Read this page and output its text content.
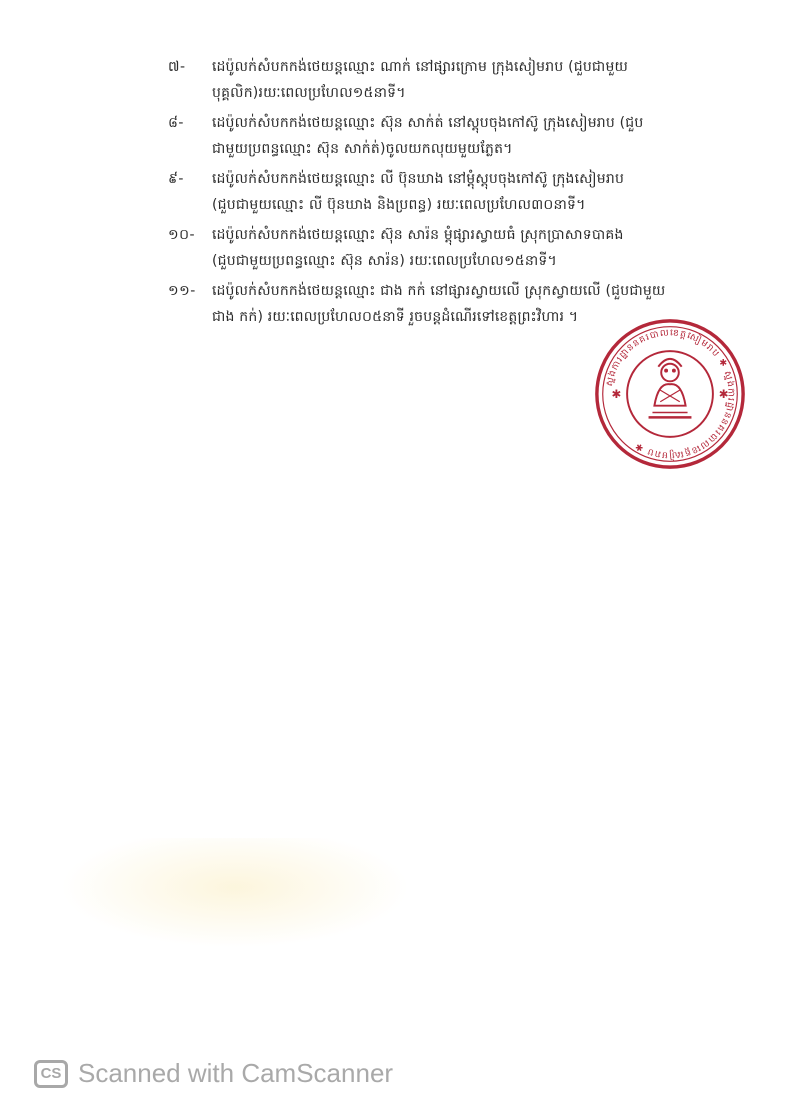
៧-	ដេប៉ូលក់សំបកកង់ថេយន្តឈ្មោះ ណាក់ នៅផ្សារក្រោម ក្រុងសៀមរាប (ជួបជាមួយ
បុគ្គលិក)រយៈពេលប្រហែល១៥នាទី។
៨-	ដេប៉ូលក់សំបកកង់ថេយន្តឈ្មោះ ស៊ុន សាក់ត់ នៅស្តុបចុងកៅស៊ូ ក្រុងសៀមរាប (ជួប
ជាមួយប្រពន្ធឈ្មោះ ស៊ុន សាក់ត់)ចូលយកលុយមួយភ្លែត។
៩-	ដេប៉ូលក់សំបកកង់ថេយន្តឈ្មោះ លី ប៊ុនឃាង នៅម្តុំស្តុបចុងកៅស៊ូ ក្រុងសៀមរាប
(ជួបជាមួយឈ្មោះ លី ប៊ុនឃាង និងប្រពន្ធ) រយៈពេលប្រហែល៣០នាទី។
១០-	ដេប៉ូលក់សំបកកង់ថេយន្តឈ្មោះ ស៊ុន សារ៉ន ម្តុំផ្សារស្វាយធំ ស្រុកប្រាសាទបាគង
(ជួបជាមួយប្រពន្ធឈ្មោះ ស៊ុន សារ៉ន) រយៈពេលប្រហែល១៥នាទី។
១១-	ដេប៉ូលក់សំបកកង់ថេយន្តឈ្មោះ ជាង កក់ នៅផ្សារស្វាយលើ ស្រុកស្វាយលើ (ជួបជាមួយ
ជាង កក់) រយៈពេលប្រហែល០៥នាទី រួចបន្តដំណើរទៅខេត្តព្រះវិហារ ។
ស្នងការដ្ឋាននគរបាលខេត្តសៀមរាប ✱ ស្នងការដ្ឋាននគរបាលខេត្តសៀមរាប ✱
✱	✱
CS Scanned with CamScanner
